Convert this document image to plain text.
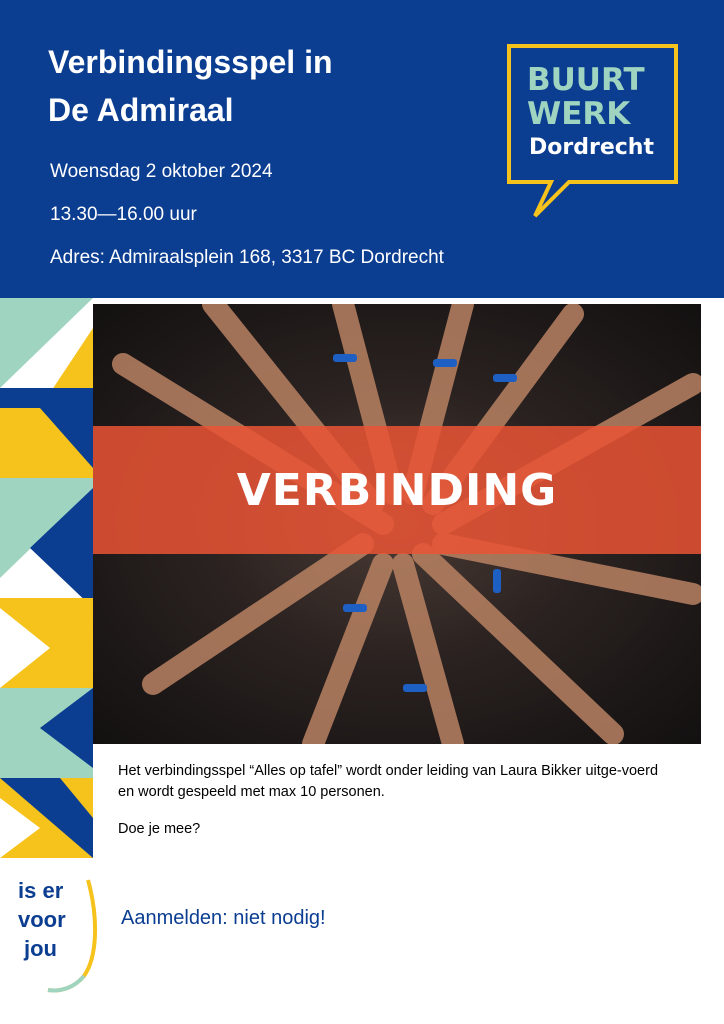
Verbindingsspel in
De Admiraal
Woensdag 2 oktober 2024
13.30—16.00 uur
Adres: Admiraalsplein 168, 3317 BC Dordrecht
BUURT
WERK
Dordrecht
VERBINDING

Het verbindingsspel “Alles op tafel” wordt onder leiding van Laura Bikker uitge-voerd en wordt gespeeld met max 10 personen.

Doe je mee?
Aanmelden: niet nodig!
is er
voor
jou
